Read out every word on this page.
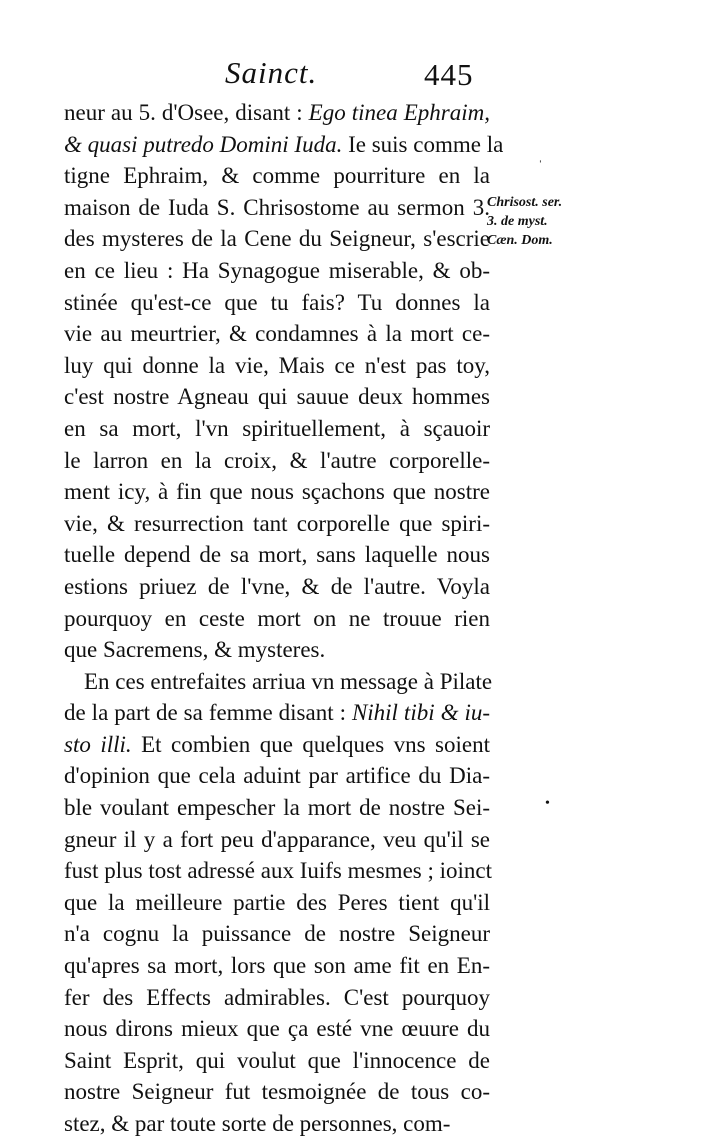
Sainct.	445
neur au 5. d'Osee, disant : Ego tinea Ephraim,
& quasi putredo Domini Iuda. Ie suis comme la
tigne Ephraim, & comme pourriture en la
maison de Iuda S. Chrisostome au sermon 3.
des mysteres de la Cene du Seigneur, s'escrie
en ce lieu : Ha Synagogue miserable, & ob-
stinée qu'est-ce que tu fais? Tu donnes la
vie au meurtrier, & condamnes à la mort ce-
luy qui donne la vie, Mais ce n'est pas toy,
c'est nostre Agneau qui sauue deux hommes
en sa mort, l'vn spirituellement, à sçauoir
le larron en la croix, & l'autre corporelle-
ment icy, à fin que nous sçachons que nostre
vie, & resurrection tant corporelle que spiri-
tuelle depend de sa mort, sans laquelle nous
estions priuez de l'vne, & de l'autre. Voyla
pourquoy en ceste mort on ne trouue rien
que Sacremens, & mysteres.
En ces entrefaites arriua vn message à Pilate
de la part de sa femme disant : Nihil tibi & iu-
sto illi. Et combien que quelques vns soient
d'opinion que cela aduint par artifice du Dia-
ble voulant empescher la mort de nostre Sei-
gneur il y a fort peu d'apparance, veu qu'il se
fust plus tost adressé aux Iuifs mesmes ; ioinct
que la meilleure partie des Peres tient qu'il
n'a cognu la puissance de nostre Seigneur
qu'apres sa mort, lors que son ame fit en En-
fer des Effects admirables. C'est pourquoy
nous dirons mieux que ça esté vne œuure du
Saint Esprit, qui voulut que l'innocence de
nostre Seigneur fut tesmoignée de tous co-
stez, & par toute sorte de personnes, com-
Chrisost. ser.
3. de myst.
Cæn. Dom.
ˈ
•
